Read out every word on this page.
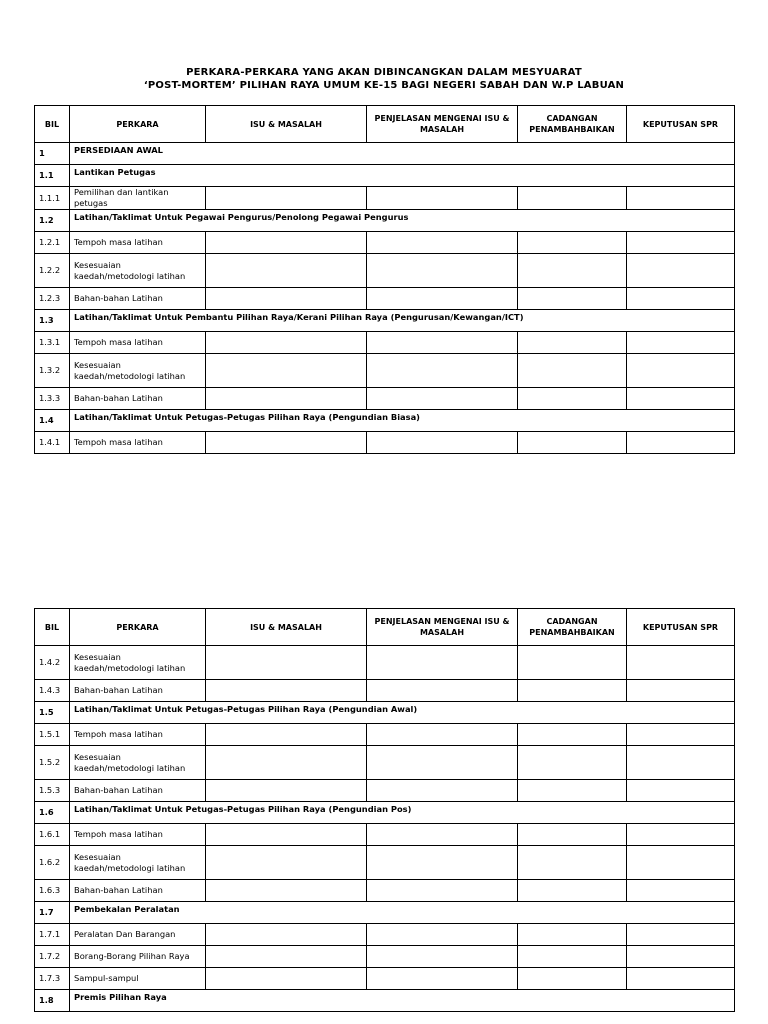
PERKARA-PERKARA YANG AKAN DIBINCANGKAN DALAM MESYUARAT
‘POST-MORTEM’ PILIHAN RAYA UMUM KE-15 BAGI NEGERI SABAH DAN W.P LABUAN
BIL	PERKARA	ISU & MASALAH	PENJELASAN MENGENAI ISU & MASALAH	CADANGAN PENAMBAHBAIKAN	KEPUTUSAN SPR
1	PERSEDIAAN AWAL				
1.1	Lantikan Petugas				
1.1.1	Pemilihan dan lantikan petugas				
1.2	Latihan/Taklimat Untuk Pegawai Pengurus/Penolong Pegawai Pengurus				
1.2.1	Tempoh masa latihan				
1.2.2	Kesesuaian kaedah/metodologi latihan				
1.2.3	Bahan-bahan Latihan				
1.3	Latihan/Taklimat Untuk Pembantu Pilihan Raya/Kerani Pilihan Raya (Pengurusan/Kewangan/ICT)				
1.3.1	Tempoh masa latihan				
1.3.2	Kesesuaian kaedah/metodologi latihan				
1.3.3	Bahan-bahan Latihan				
1.4	Latihan/Taklimat Untuk Petugas-Petugas Pilihan Raya (Pengundian Biasa)				
1.4.1	Tempoh masa latihan				
BIL	PERKARA	ISU & MASALAH	PENJELASAN MENGENAI ISU & MASALAH	CADANGAN PENAMBAHBAIKAN	KEPUTUSAN SPR
1.4.2	Kesesuaian kaedah/metodologi latihan				
1.4.3	Bahan-bahan Latihan				
1.5	Latihan/Taklimat Untuk Petugas-Petugas Pilihan Raya (Pengundian Awal)				
1.5.1	Tempoh masa latihan				
1.5.2	Kesesuaian kaedah/metodologi latihan				
1.5.3	Bahan-bahan Latihan				
1.6	Latihan/Taklimat Untuk Petugas-Petugas Pilihan Raya (Pengundian Pos)				
1.6.1	Tempoh masa latihan				
1.6.2	Kesesuaian kaedah/metodologi latihan				
1.6.3	Bahan-bahan Latihan				
1.7	Pembekalan Peralatan				
1.7.1	Peralatan Dan Barangan				
1.7.2	Borang-Borang Pilihan Raya				
1.7.3	Sampul-sampul				
1.8	Premis Pilihan Raya				
